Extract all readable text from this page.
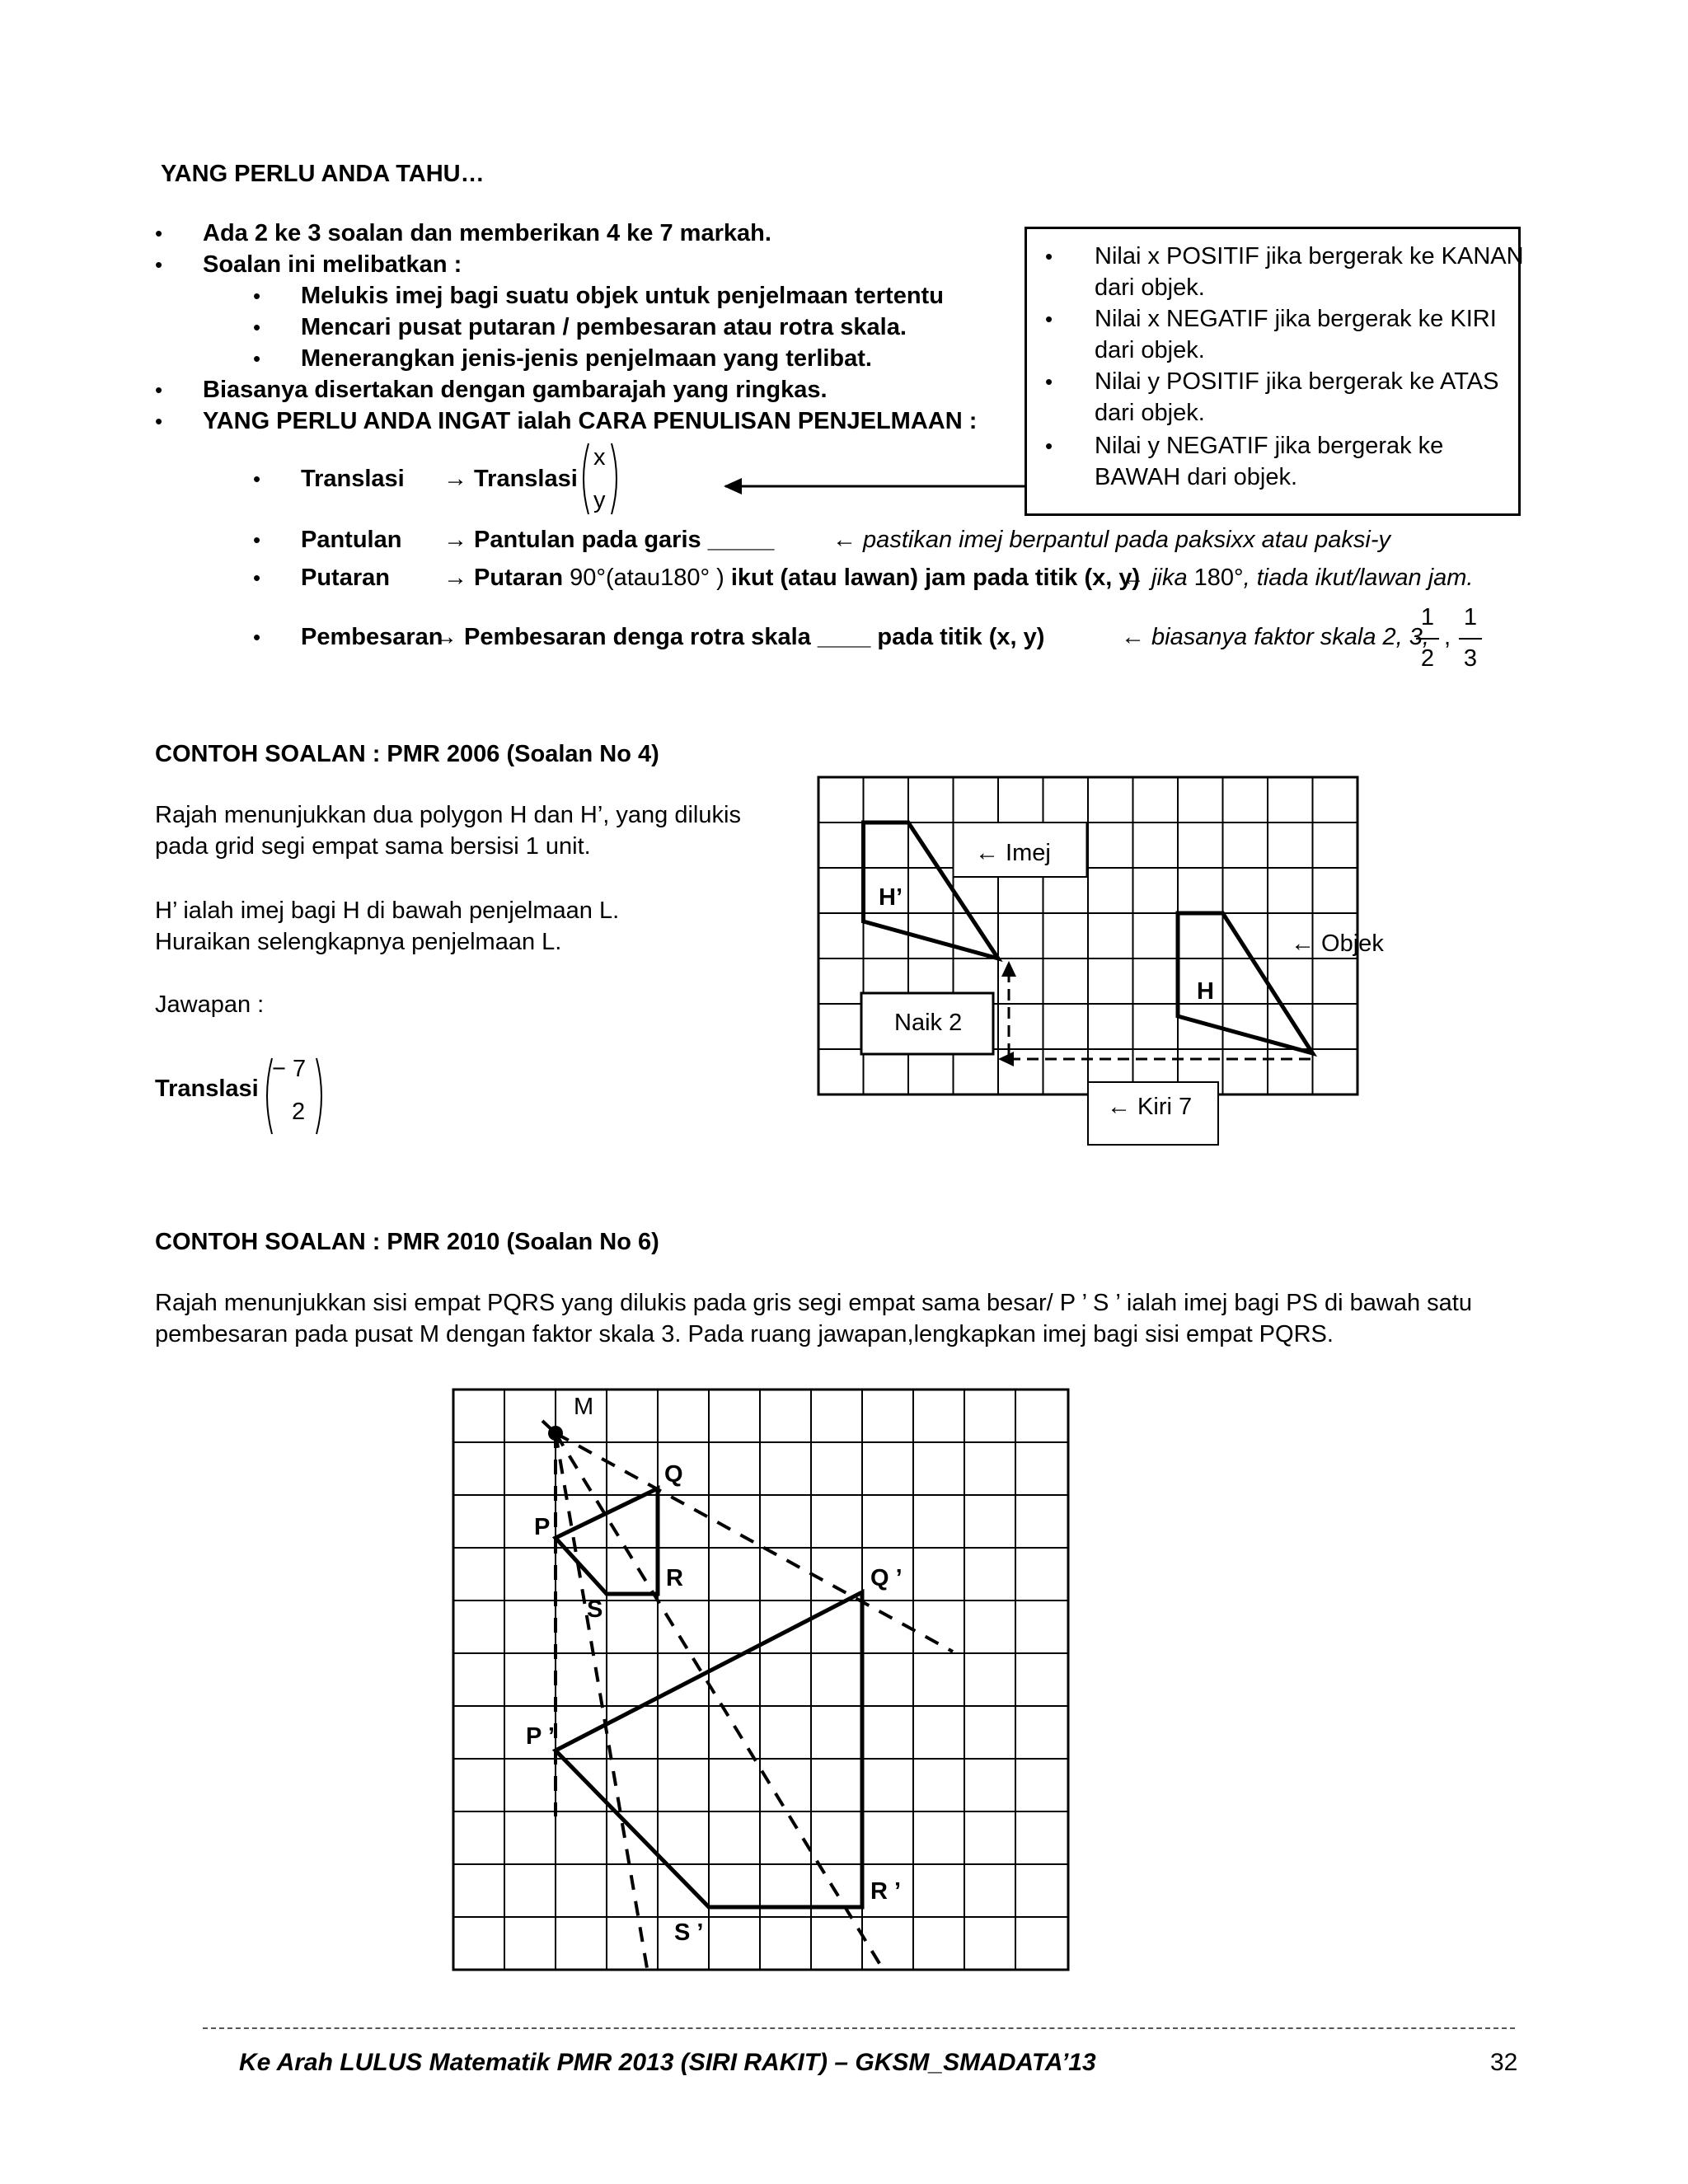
YANG PERLU ANDA TAHU…
• Ada 2 ke 3 soalan dan memberikan 4 ke 7 markah.
• Soalan ini melibatkan :
• Melukis imej bagi suatu objek untuk penjelmaan tertentu
• Mencari pusat putaran / pembesaran atau rotra skala.
• Menerangkan jenis-jenis penjelmaan yang terlibat.
• Biasanya disertakan dengan gambarajah yang ringkas.
• YANG PERLU ANDA INGAT ialah CARA PENULISAN PENJELMAAN :
• Nilai x POSITIF jika bergerak ke KANAN
dari objek.
• Nilai x NEGATIF jika bergerak ke KIRI
dari objek.
• Nilai y POSITIF jika bergerak ke ATAS
dari objek.
• Nilai y NEGATIF jika bergerak ke
BAWAH dari objek.
• Translasi → Translasi
x
y
• Pantulan → Pantulan pada garis _____ ← pastikan imej berpantul pada paksixx atau paksi-y
• Putaran → Putaran 90°(atau180° ) ikut (atau lawan) jam pada titik (x, y)
← jika 180°, tiada ikut/lawan jam.
• Pembesaran
→ Pembesaran denga rotra skala ____ pada titik (x, y)	← biasanya faktor skala 2, 3,
1
2
,
1
3
CONTOH SOALAN : PMR 2006 (Soalan No 4)
Rajah menunjukkan dua polygon H dan H’, yang dilukis
pada grid segi empat sama bersisi 1 unit.
H’ ialah imej bagi H di bawah penjelmaan L.
Huraikan selengkapnya penjelmaan L.
Jawapan :
Translasi
− 7
2
← Imej
← Objek
H’
H
Naik 2
← Kiri 7
CONTOH SOALAN : PMR 2010 (Soalan No 6)
Rajah menunjukkan sisi empat PQRS yang dilukis pada gris segi empat sama besar/ P ’ S ’ ialah imej bagi PS di bawah satu
pembesaran pada pusat M dengan faktor skala 3. Pada ruang jawapan,lengkapkan imej bagi sisi empat PQRS.
M
P
Q
R
S
Q ’
P ’
R ’
S ’
Ke Arah LULUS Matematik PMR 2013 (SIRI RAKIT) – GKSM_SMADATA’13	32
